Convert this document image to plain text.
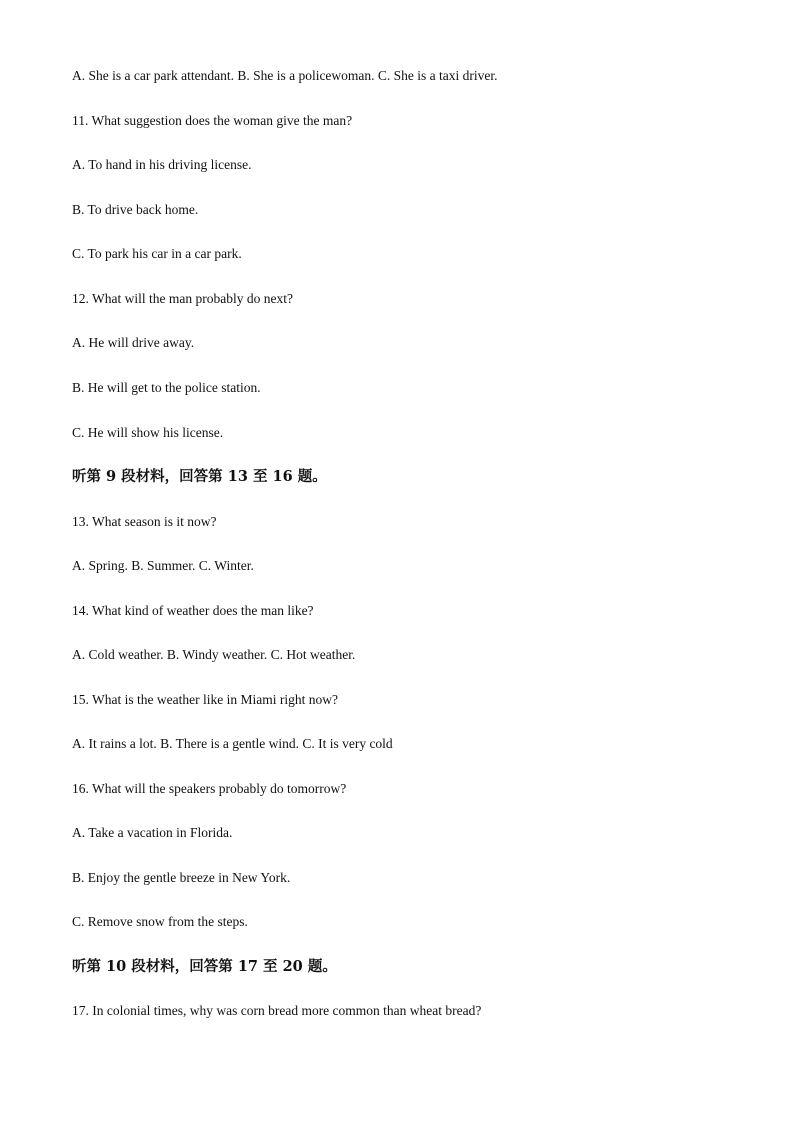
A. She is a car park attendant. B. She is a policewoman. C. She is a taxi driver.
11. What suggestion does the woman give the man?
A. To hand in his driving license.
B. To drive back home.
C. To park his car in a car park.
12. What will the man probably do next?
A. He will drive away.
B. He will get to the police station.
C. He will show his license.
听第 9 段材料，回答第 13 至 16 题。
13. What season is it now?
A. Spring. B. Summer. C. Winter.
14. What kind of weather does the man like?
A. Cold weather. B. Windy weather. C. Hot weather.
15. What is the weather like in Miami right now?
A. It rains a lot. B. There is a gentle wind. C. It is very cold
16. What will the speakers probably do tomorrow?
A. Take a vacation in Florida.
B. Enjoy the gentle breeze in New York.
C. Remove snow from the steps.
听第 10 段材料，回答第 17 至 20 题。
17. In colonial times, why was corn bread more common than wheat bread?
